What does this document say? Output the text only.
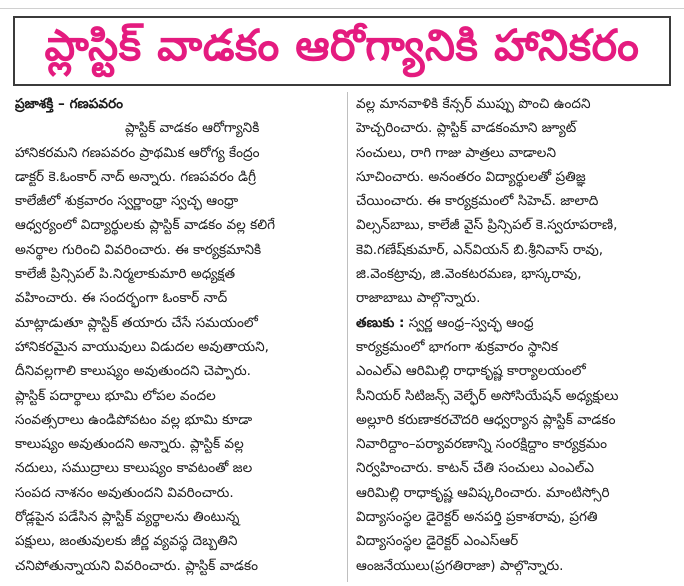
ప్లాస్టిక్ వాడకం ఆరోగ్యానికి హానికరం
ప్రజాశక్తి – గణపవరం
ప్లాస్టిక్ వాడకం ఆరోగ్యానికి
హానికరమని గణపవరం ప్రాథమిక ఆరోగ్య కేంద్రం
డాక్టర్ కె.ఓంకార్ నాద్ అన్నారు. గణపవరం డిగ్రీ
కాలేజీలో శుక్రవారం స్వర్ణాంధ్రా స్వచ్ఛ ఆంధ్రా
ఆధ్వర్యంలో విద్యార్థులకు ప్లాస్టిక్ వాడకం వల్ల కలిగే
అనర్థాల గురించి వివరించారు. ఈ కార్యక్రమానికి
కాలేజీ ప్రిన్సిపల్ పి.నిర్మలాకుమారి అధ్యక్షత
వహించారు. ఈ సందర్భంగా ఓంకార్ నాద్
మాట్లాడుతూ ప్లాస్టిక్ తయారు చేసే సమయంలో
హానికరమైన వాయువులు విడుదల అవుతాయని,
దీనివల్లగాలి కాలుష్యం అవుతుందని చెప్పారు.
ప్లాస్టిక్ పదార్థాలు భూమి లోపల వందల
సంవత్సరాలు ఉండిపోవటం వల్ల భూమి కూడా
కాలుష్యం అవుతుందని అన్నారు. ప్లాస్టిక్ వల్ల
నదులు, సముద్రాలు కాలుష్యం కావటంతో జల
సంపద నాశనం అవుతుందని వివరించారు.
రోడ్లపైన పడేసిన ప్లాస్టిక్ వ్యర్థాలను తింటున్న
పక్షులు, జంతువులకు జీర్ణ వ్యవస్థ దెబ్బతిని
చనిపోతున్నాయని వివరించారు. ప్లాస్టిక్ వాడకం
వల్ల మానవాళికి కేన్సర్ ముప్పు పొంచి ఉందని
హెచ్చరించారు. ప్లాస్టిక్ వాడకంమాని జ్యూట్
సంచులు, రాగి గాజు పాత్రలు వాడాలని
సూచించారు. అనంతరం విద్యార్థులతో ప్రతిజ్ఞ
చేయించారు. ఈ కార్యక్రమంలో సిహెచ్. జాలాది
విల్సన్‌బాబు, కాలేజీ వైస్ ప్రిన్సిపల్ కె.స్వరూపరాణి,
కెవి.గణేష్‌కుమార్, ఎన్‌వియన్ బి.శ్రీనివాస్ రావు,
జి.వెంకట్రావు, జి.వెంకటరమణ, భాస్కరావు,
రాజాబాబు పాల్గొన్నారు.
తణుకు : స్వర్ణ ఆంధ్ర–స్వచ్ఛ ఆంధ్ర
కార్యక్రమంలో భాగంగా శుక్రవారం స్థానిక
ఎంఎల్ఎ ఆరిమిల్లి రాధాకృష్ణ కార్యాలయంలో
సీనియర్ సిటిజన్స్ వెల్ఫేర్ అసోసియేషన్ అధ్యక్షులు
అల్లూరి కరుణాకరచౌదరి ఆధ్వర్యాన ప్లాస్టిక్ వాడకం
నివారిద్దాం–పర్యావరణాన్ని సంరక్షిద్దాం కార్యక్రమం
నిర్వహించారు. కాటన్ చేతి సంచులు ఎంఎల్ఎ
ఆరిమిల్లి రాధాకృష్ణ ఆవిష్కరించారు. మాంటిస్సోరి
విద్యాసంస్థల డైరెక్టర్ అనపర్తి ప్రకాశరావు, ప్రగతి
విద్యాసంస్థల డైరెక్టర్ ఎంఎస్ఆర్
ఆంజనేయులు(ప్రగతిరాజా) పాల్గొన్నారు.
